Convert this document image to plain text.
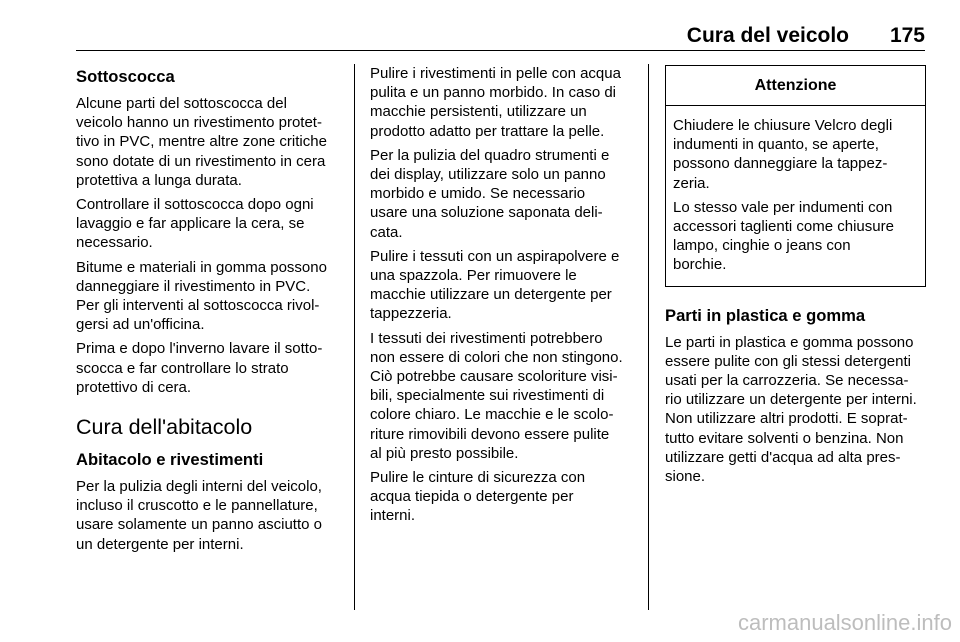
Cura del veicolo 175
Sottoscocca
Alcune parti del sottoscocca del
veicolo hanno un rivestimento protet-
tivo in PVC, mentre altre zone critiche
sono dotate di un rivestimento in cera
protettiva a lunga durata.
Controllare il sottoscocca dopo ogni
lavaggio e far applicare la cera, se
necessario.
Bitume e materiali in gomma possono
danneggiare il rivestimento in PVC.
Per gli interventi al sottoscocca rivol-
gersi ad un'officina.
Prima e dopo l'inverno lavare il sotto-
scocca e far controllare lo strato
protettivo di cera.
Cura dell'abitacolo
Abitacolo e rivestimenti
Per la pulizia degli interni del veicolo,
incluso il cruscotto e le pannellature,
usare solamente un panno asciutto o
un detergente per interni.
Pulire i rivestimenti in pelle con acqua
pulita e un panno morbido. In caso di
macchie persistenti, utilizzare un
prodotto adatto per trattare la pelle.
Per la pulizia del quadro strumenti e
dei display, utilizzare solo un panno
morbido e umido. Se necessario
usare una soluzione saponata deli-
cata.
Pulire i tessuti con un aspirapolvere e
una spazzola. Per rimuovere le
macchie utilizzare un detergente per
tappezzeria.
I tessuti dei rivestimenti potrebbero
non essere di colori che non stingono.
Ciò potrebbe causare scoloriture visi-
bili, specialmente sui rivestimenti di
colore chiaro. Le macchie e le scolo-
riture rimovibili devono essere pulite
al più presto possibile.
Pulire le cinture di sicurezza con
acqua tiepida o detergente per
interni.
Attenzione
Chiudere le chiusure Velcro degli
indumenti in quanto, se aperte,
possono danneggiare la tappez-
zeria.
Lo stesso vale per indumenti con
accessori taglienti come chiusure
lampo, cinghie o jeans con
borchie.
Parti in plastica e gomma
Le parti in plastica e gomma possono
essere pulite con gli stessi detergenti
usati per la carrozzeria. Se necessa-
rio utilizzare un detergente per interni.
Non utilizzare altri prodotti. E soprat-
tutto evitare solventi o benzina. Non
utilizzare getti d'acqua ad alta pres-
sione.
carmanualsonline.info
